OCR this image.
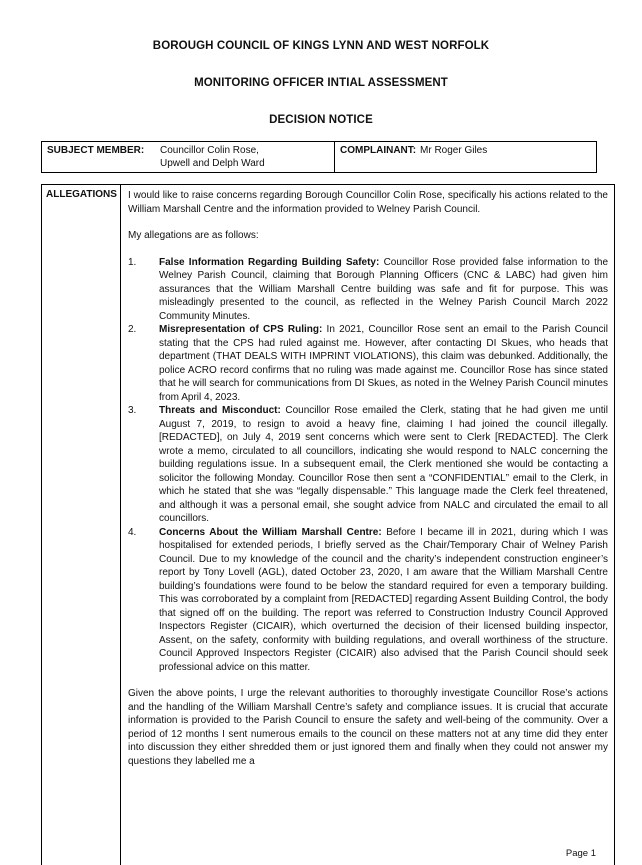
BOROUGH COUNCIL OF KINGS LYNN AND WEST NORFOLK
MONITORING OFFICER INTIAL ASSESSMENT
DECISION NOTICE
SUBJECT MEMBER: Councillor Colin Rose,
Upwell and Delph Ward
COMPLAINANT: Mr Roger Giles
ALLEGATIONS I would like to raise concerns regarding Borough Councillor Colin Rose, specifically his actions related to the William Marshall Centre and the information provided to Welney Parish Council.

My allegations are as follows:

1. False Information Regarding Building Safety: Councillor Rose provided false information to the Welney Parish Council, claiming that Borough Planning Officers (CNC & LABC) had given him assurances that the William Marshall Centre building was safe and fit for purpose. This was misleadingly presented to the council, as reflected in the Welney Parish Council March 2022 Community Minutes.

2. Misrepresentation of CPS Ruling: In 2021, Councillor Rose sent an email to the Parish Council stating that the CPS had ruled against me. However, after contacting DI Skues, who heads that department (THAT DEALS WITH IMPRINT VIOLATIONS), this claim was debunked. Additionally, the police ACRO record confirms that no ruling was made against me. Councillor Rose has since stated that he will search for communications from DI Skues, as noted in the Welney Parish Council minutes from April 4, 2023.

3. Threats and Misconduct: Councillor Rose emailed the Clerk, stating that he had given me until August 7, 2019, to resign to avoid a heavy fine, claiming I had joined the council illegally. [REDACTED], on July 4, 2019 sent concerns which were sent to Clerk [REDACTED]. The Clerk wrote a memo, circulated to all councillors, indicating she would respond to NALC concerning the building regulations issue. In a subsequent email, the Clerk mentioned she would be contacting a solicitor the following Monday. Councillor Rose then sent a “CONFIDENTIAL” email to the Clerk, in which he stated that she was “legally dispensable.” This language made the Clerk feel threatened, and although it was a personal email, she sought advice from NALC and circulated the email to all councillors.

4. Concerns About the William Marshall Centre: Before I became ill in 2021, during which I was hospitalised for extended periods, I briefly served as the Chair/Temporary Chair of Welney Parish Council. Due to my knowledge of the council and the charity’s independent construction engineer’s report by Tony Lovell (AGL), dated October 23, 2020, I am aware that the William Marshall Centre building’s foundations were found to be below the standard required for even a temporary building. This was corroborated by a complaint from [REDACTED] regarding Assent Building Control, the body that signed off on the building. The report was referred to Construction Industry Council Approved Inspectors Register (CICAIR), which overturned the decision of their licensed building inspector, Assent, on the safety, conformity with building regulations, and overall worthiness of the structure. Council Approved Inspectors Register (CICAIR) also advised that the Parish Council should seek professional advice on this matter.

Given the above points, I urge the relevant authorities to thoroughly investigate Councillor Rose’s actions and the handling of the William Marshall Centre’s safety and compliance issues. It is crucial that accurate information is provided to the Parish Council to ensure the safety and well-being of the community. Over a period of 12 months I sent numerous emails to the council on these matters not at any time did they enter into discussion they either shredded them or just ignored them and finally when they could not answer my questions they labelled me a

Page 1
